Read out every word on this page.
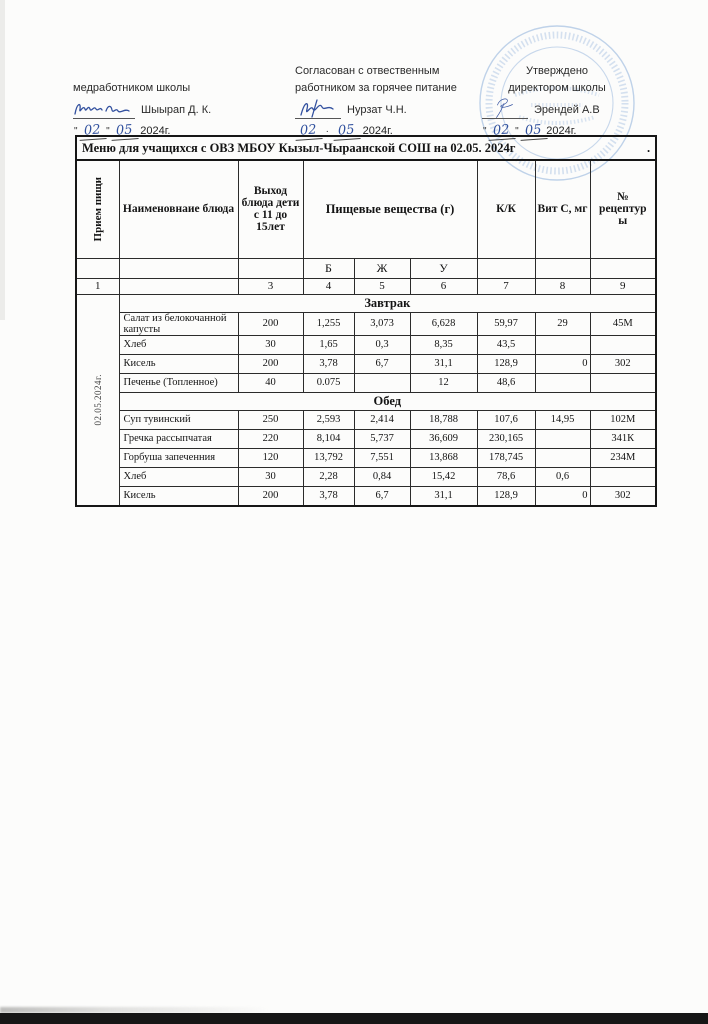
медработником школы
Шыырап Д. К.
" 02 " 05 2024г.
Согласован с отвественным
работником за горячее питание
Нурзат Ч.Н.
02 · 05 2024г.
Утверждено
директором школы
Эрендей А.В
" 02 " 05 2024г.
.
Меню для учащихся с ОВЗ МБОУ Кызыл-Чыраанской СОШ на 02.05. 2024г								

Прием пищи	Наименовнаие блюда	Выход блюда дети с 11 до 15лет	Пищевые вещества (г)			К/К	Вит С, мг	№ рецептуры

			Б	Ж	У			
1		3	4	5	6	7	8	9

02.05.2024г.	Завтрак							
	Салат из белокочанной капусты	200	1,255	3,073	6,628	59,97	29	45М
	Хлеб	30	1,65	0,3	8,35	43,5		
	Кисель	200	3,78	6,7	31,1	128,9	0	302
	Печенье (Топленное)	40	0.075		12	48,6		
	Обед							
	Суп тувинский	250	2,593	2,414	18,788	107,6	14,95	102М
	Гречка рассыпчатая	220	8,104	5,737	36,609	230,165		341К
	Горбуша запеченния	120	13,792	7,551	13,868	178,745		234М
	Хлеб	30	2,28	0,84	15,42	78,6	0,6	
	Кисель	200	3,78	6,7	31,1	128,9	0	302
